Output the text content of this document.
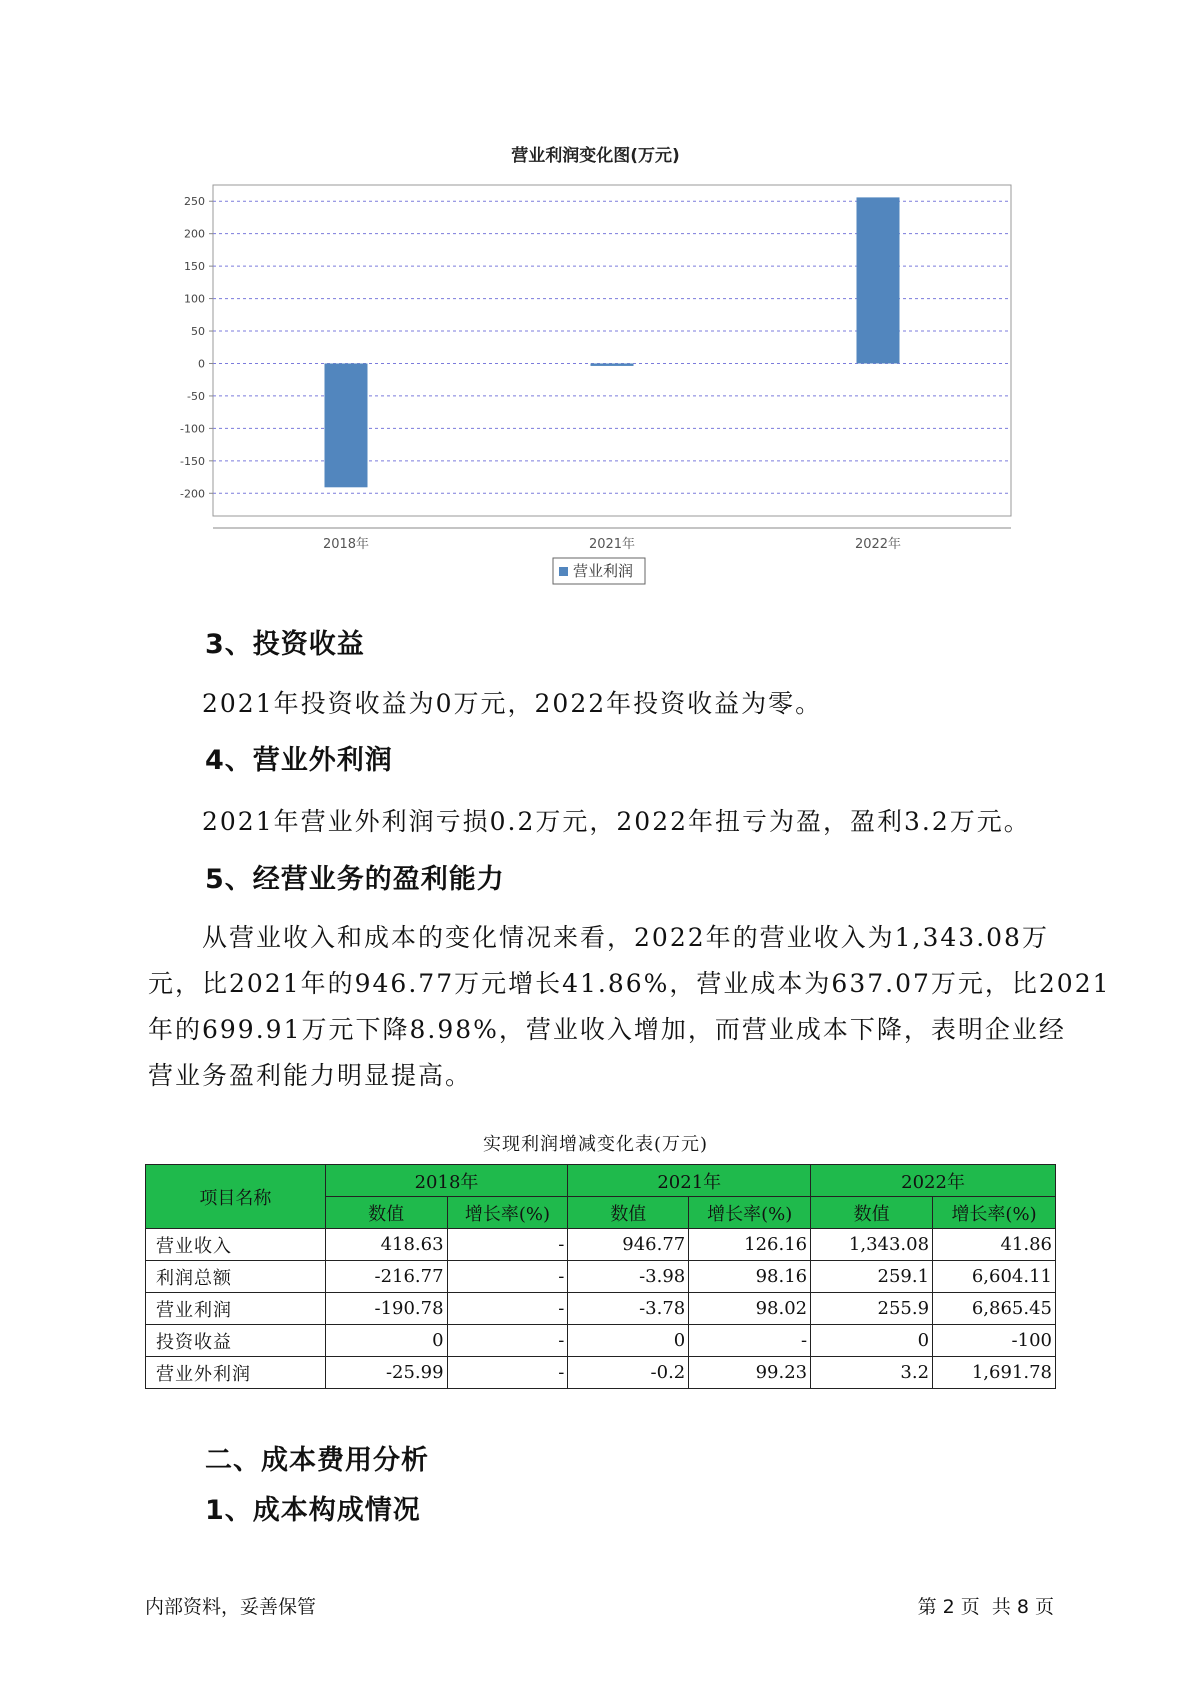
营业利润变化图(万元)
250
200
150
100
50
0
-50
-100
-150
-200
2018年	2021年	2022年
营业利润
3、投资收益
2021年投资收益为0万元，2022年投资收益为零。
4、营业外利润
2021年营业外利润亏损0.2万元，2022年扭亏为盈，盈利3.2万元。
5、经营业务的盈利能力
从营业收入和成本的变化情况来看，2022年的营业收入为1,343.08万
元，比2021年的946.77万元增长41.86%，营业成本为637.07万元，比2021
年的699.91万元下降8.98%，营业收入增加，而营业成本下降，表明企业经
营业务盈利能力明显提高。
实现利润增减变化表(万元)
项目名称	2018年		2021年		2022年	
	数值	增长率(%)	数值	增长率(%)	数值	增长率(%)
营业收入	418.63	-	946.77	126.16	1,343.08	41.86
利润总额	-216.77	-	-3.98	98.16	259.1	6,604.11
营业利润	-190.78	-	-3.78	98.02	255.9	6,865.45
投资收益	0	-	0	-	0	-100
营业外利润	-25.99	-	-0.2	99.23	3.2	1,691.78
二、成本费用分析
1、成本构成情况
内部资料，妥善保管	第 2 页  共 8 页
